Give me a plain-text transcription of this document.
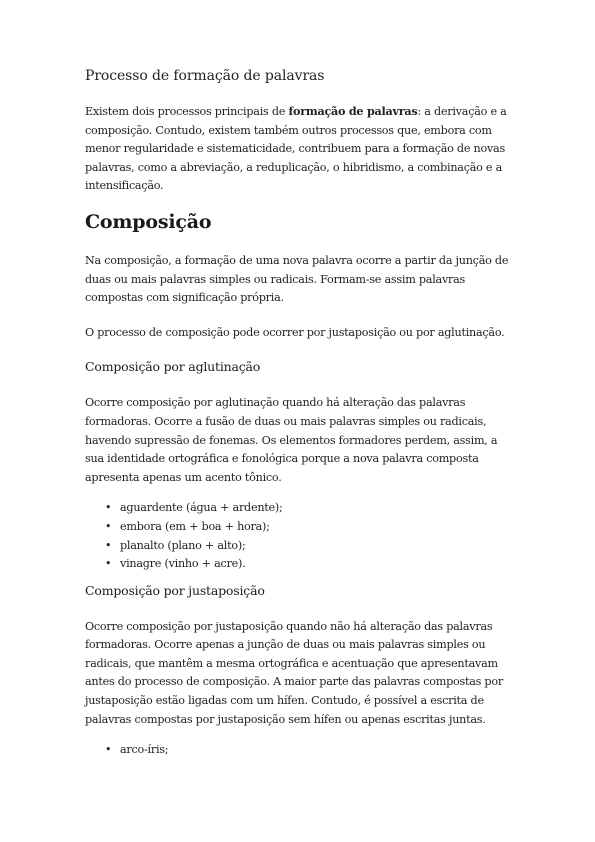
Processo de formação de palavras

Existem dois processos principais de formação de palavras: a derivação e a composição. Contudo, existem também outros processos que, embora com menor regularidade e sistematicidade, contribuem para a formação de novas palavras, como a abreviação, a reduplicação, o hibridismo, a combinação e a intensificação.

Composição

Na composição, a formação de uma nova palavra ocorre a partir da junção de duas ou mais palavras simples ou radicais. Formam-se assim palavras compostas com significação própria.

O processo de composição pode ocorrer por justaposição ou por aglutinação.

Composição por aglutinação

Ocorre composição por aglutinação quando há alteração das palavras formadoras. Ocorre a fusão de duas ou mais palavras simples ou radicais, havendo supressão de fonemas. Os elementos formadores perdem, assim, a sua identidade ortográfica e fonológica porque a nova palavra composta apresenta apenas um acento tônico.

• aguardente (água + ardente);
• embora (em + boa + hora);
• planalto (plano + alto);
• vinagre (vinho + acre).
Composição por justaposição

Ocorre composição por justaposição quando não há alteração das palavras formadoras. Ocorre apenas a junção de duas ou mais palavras simples ou radicais, que mantêm a mesma ortográfica e acentuação que apresentavam antes do processo de composição. A maior parte das palavras compostas por justaposição estão ligadas com um hífen. Contudo, é possível a escrita de palavras compostas por justaposição sem hífen ou apenas escritas juntas.

• arco-íris;
